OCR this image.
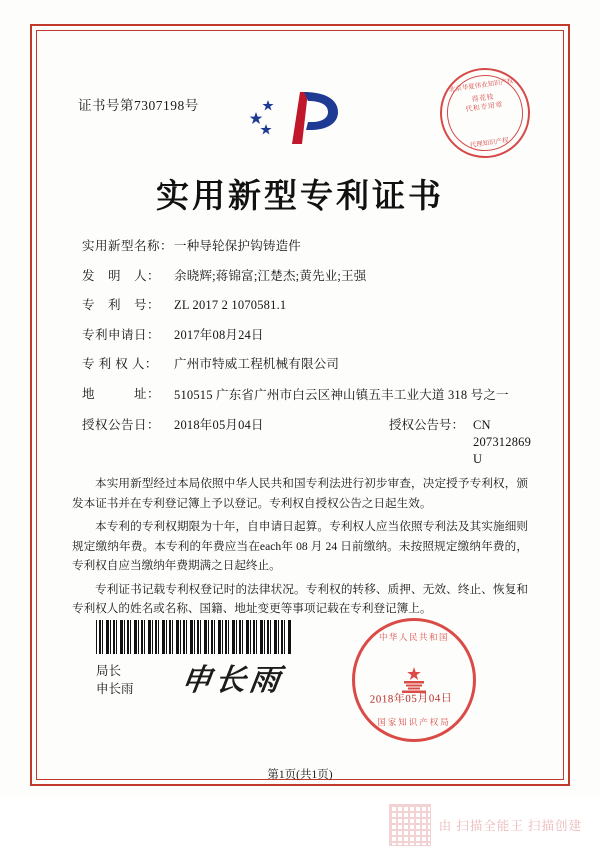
证书号第7307198号
北京华夏伟业知识产权
得花枝
代和专用章
代理知识产权
实用新型专利证书
实用新型名称： 一种导轮保护钩铸造件
发　明　人：	余晓辉;蒋锦富;江楚杰;黄先业;王强
专　利　号：	ZL 2017 2 1070581.1
专利申请日：	2017年08月24日
专 利 权 人：	广州市特威工程机械有限公司
地　　　址：	510515 广东省广州市白云区神山镇五丰工业大道 318 号之一
授权公告日：	2018年05月04日	授权公告号： CN 207312869 U

本实用新型经过本局依照中华人民共和国专利法进行初步审查，决定授予专利权，颁发本证书并在专利登记簿上予以登记。专利权自授权公告之日起生效。

本专利的专利权期限为十年，自申请日起算。专利权人应当依照专利法及其实施细则规定缴纳年费。本专利的年费应当在each年 08 月 24 日前缴纳。未按照规定缴纳年费的，专利权自应当缴纳年费期满之日起终止。

专利证书记载专利权登记时的法律状况。专利权的转移、质押、无效、终止、恢复和专利权人的姓名或名称、国籍、地址变更等事项记载在专利登记簿上。

局长
申长雨 申长雨
中华人民共和国
国家知识产权局
2018年05月04日
第1页(共1页)
由 扫描全能王 扫描创建
